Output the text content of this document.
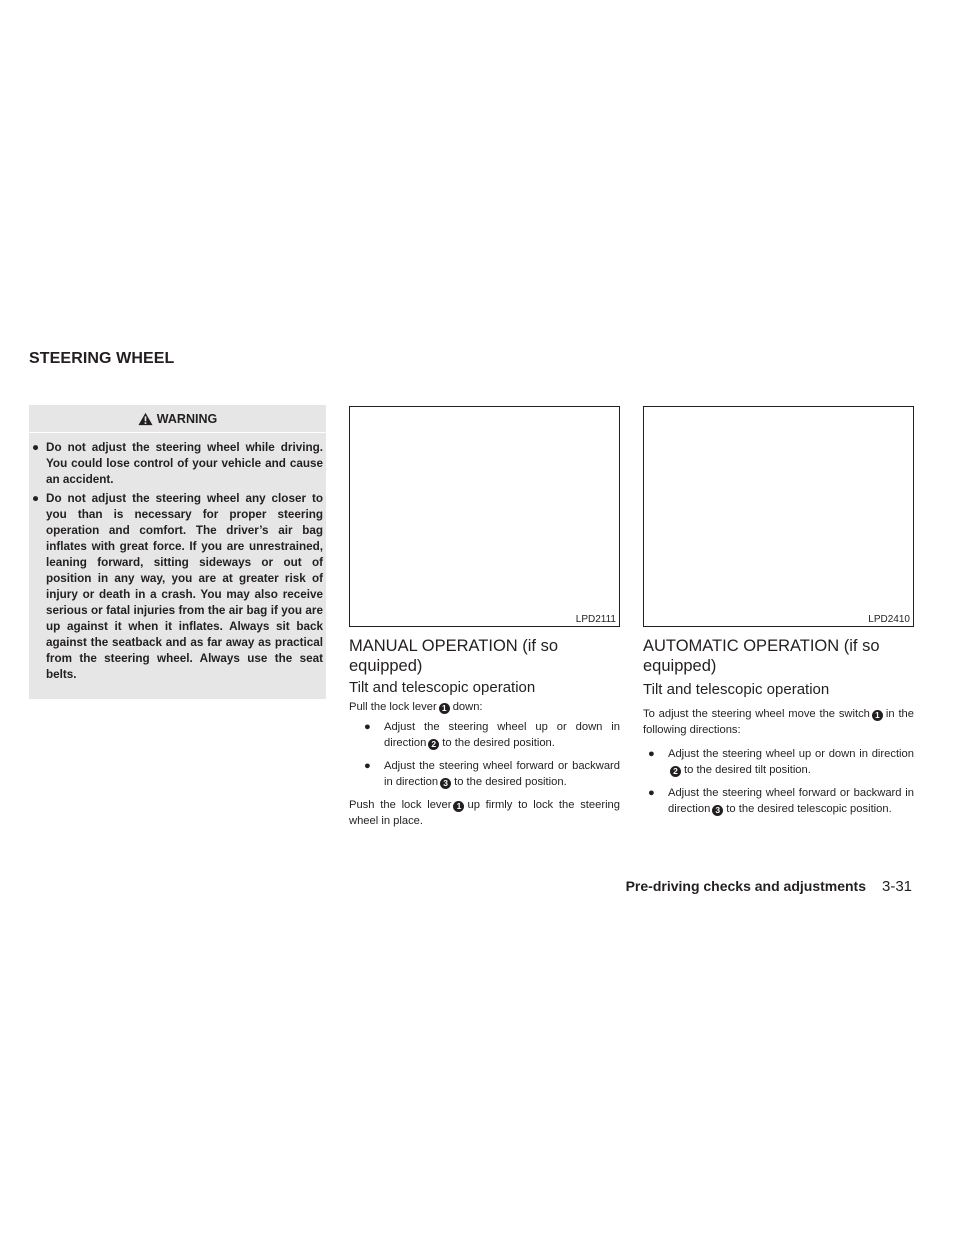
STEERING WHEEL
WARNING

● Do not adjust the steering wheel while driving. You could lose control of your vehicle and cause an accident.

● Do not adjust the steering wheel any closer to you than is necessary for proper steering operation and comfort. The driver’s air bag inflates with great force. If you are unrestrained, leaning forward, sitting sideways or out of position in any way, you are at greater risk of injury or death in a crash. You may also receive serious or fatal injuries from the air bag if you are up against it when it inflates. Always sit back against the seatback and as far away as practical from the steering wheel. Always use the seat belts.

LPD2111
MANUAL OPERATION (if so equipped)
Tilt and telescopic operation

Pull the lock lever 1 down:

● Adjust the steering wheel up or down in direction 2 to the desired position.

● Adjust the steering wheel forward or backward in direction 3 to the desired position.

Push the lock lever 1 up firmly to lock the steering wheel in place.

LPD2410
AUTOMATIC OPERATION (if so equipped)
Tilt and telescopic operation

To adjust the steering wheel move the switch 1 in the following directions:

● Adjust the steering wheel up or down in direction2 to the desired tilt position.

● Adjust the steering wheel forward or backward in direction 3 to the desired telescopic position.

Pre-driving checks and adjustments 3-31
